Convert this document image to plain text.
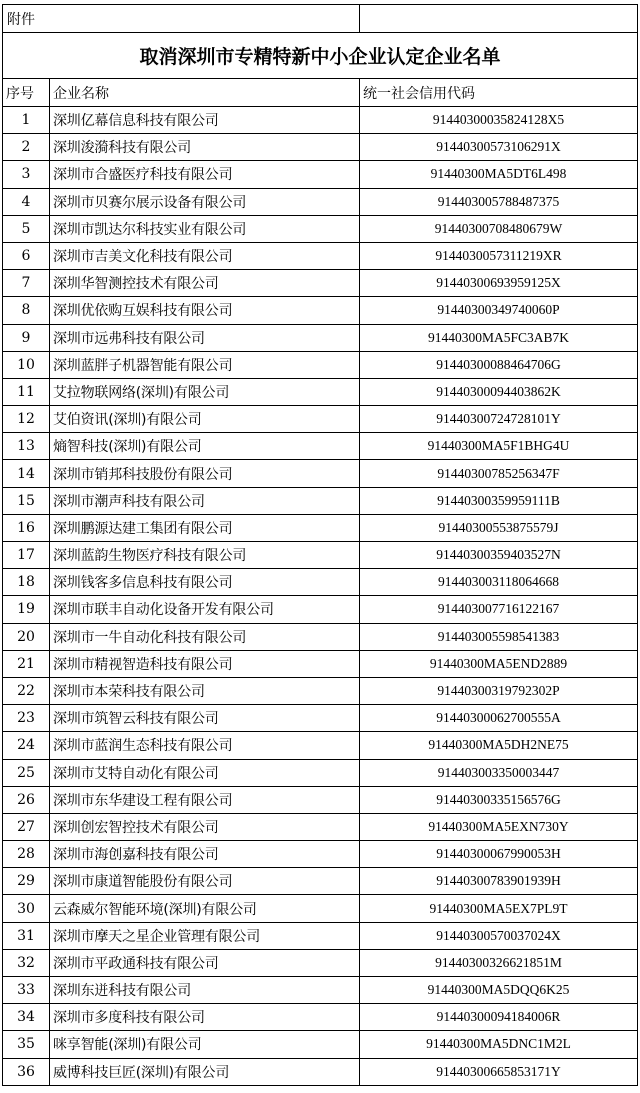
附件		
取消深圳市专精特新中小企业认定企业名单		
序号	企业名称	统一社会信用代码
1	深圳亿幕信息科技有限公司	91440300035824128X5
2	深圳浚漪科技有限公司	91440300573106291X
3	深圳市合盛医疗科技有限公司	91440300MA5DT6L498
4	深圳市贝赛尔展示设备有限公司	914403005788487375
5	深圳市凯达尔科技实业有限公司	91440300708480679W
6	深圳市吉美文化科技有限公司	9144030057311219XR
7	深圳华智测控技术有限公司	91440300693959125X
8	深圳优依购互娱科技有限公司	91440300349740060P
9	深圳市远弗科技有限公司	91440300MA5FC3AB7K
10	深圳蓝胖子机器智能有限公司	91440300088464706G
11	艾拉物联网络(深圳)有限公司	91440300094403862K
12	艾伯资讯(深圳)有限公司	91440300724728101Y
13	熵智科技(深圳)有限公司	91440300MA5F1BHG4U
14	深圳市销邦科技股份有限公司	91440300785256347F
15	深圳市潮声科技有限公司	91440300359959111B
16	深圳鹏源达建工集团有限公司	91440300553875579J
17	深圳蓝韵生物医疗科技有限公司	91440300359403527N
18	深圳钱客多信息科技有限公司	914403003118064668
19	深圳市联丰自动化设备开发有限公司	914403007716122167
20	深圳市一牛自动化科技有限公司	914403005598541383
21	深圳市精视智造科技有限公司	91440300MA5END2889
22	深圳市本荣科技有限公司	91440300319792302P
23	深圳市筑智云科技有限公司	91440300062700555A
24	深圳市蓝润生态科技有限公司	91440300MA5DH2NE75
25	深圳市艾特自动化有限公司	914403003350003447
26	深圳市东华建设工程有限公司	91440300335156576G
27	深圳创宏智控技术有限公司	91440300MA5EXN730Y
28	深圳市海创嘉科技有限公司	91440300067990053H
29	深圳市康道智能股份有限公司	91440300783901939H
30	云森威尔智能环境(深圳)有限公司	91440300MA5EX7PL9T
31	深圳市摩天之星企业管理有限公司	91440300570037024X
32	深圳市平政通科技有限公司	91440300326621851M
33	深圳东迸科技有限公司	91440300MA5DQQ6K25
34	深圳市多度科技有限公司	91440300094184006R
35	咪享智能(深圳)有限公司	91440300MA5DNC1M2L
36	威博科技巨匠(深圳)有限公司	91440300665853171Y
